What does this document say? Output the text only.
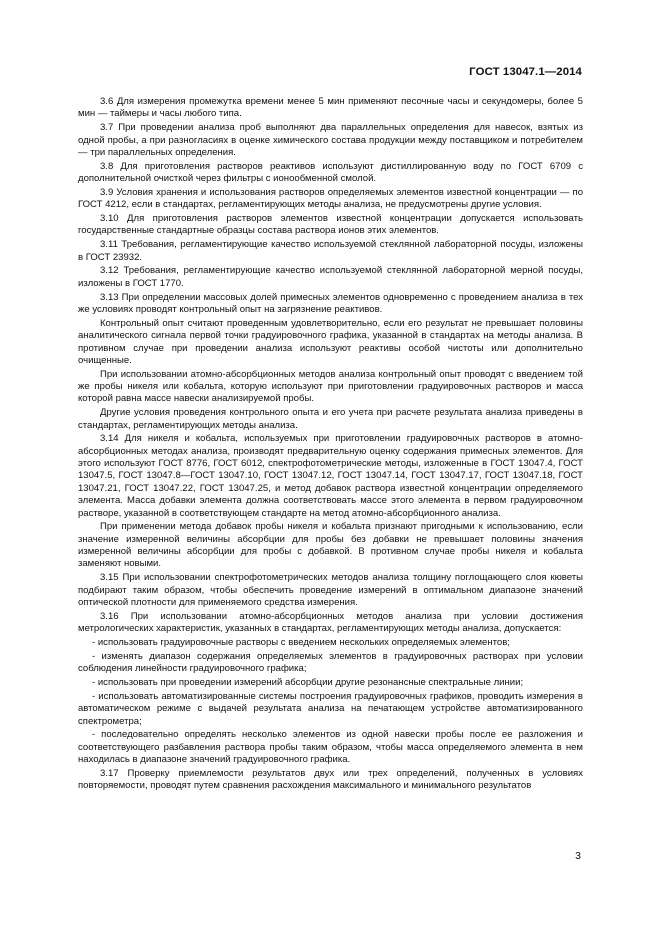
ГОСТ 13047.1—2014

3.6 Для измерения промежутка времени менее 5 мин применяют песочные часы и секундомеры, более 5 мин — таймеры и часы любого типа.

3.7 При проведении анализа проб выполняют два параллельных определения для навесок, взятых из одной пробы, а при разногласиях в оценке химического состава продукции между поставщиком и потребителем — три параллельных определения.

3.8 Для приготовления растворов реактивов используют дистиллированную воду по ГОСТ 6709 с дополнительной очисткой через фильтры с ионообменной смолой.

3.9 Условия хранения и использования растворов определяемых элементов известной концентрации — по ГОСТ 4212, если в стандартах, регламентирующих методы анализа, не предусмотрены другие условия.

3.10 Для приготовления растворов элементов известной концентрации допускается использовать государственные стандартные образцы состава раствора ионов этих элементов.

3.11 Требования, регламентирующие качество используемой стеклянной лабораторной посуды, изложены в ГОСТ 23932.

3.12 Требования, регламентирующие качество используемой стеклянной лабораторной мерной посуды, изложены в ГОСТ 1770.

3.13 При определении массовых долей примесных элементов одновременно с проведением анализа в тех же условиях проводят контрольный опыт на загрязнение реактивов.

Контрольный опыт считают проведенным удовлетворительно, если его результат не превышает половины аналитического сигнала первой точки градуировочного графика, указанной в стандартах на методы анализа. В противном случае при проведении анализа используют реактивы особой чистоты или дополнительно очищенные.

При использовании атомно-абсорбционных методов анализа контрольный опыт проводят с введением той же пробы никеля или кобальта, которую используют при приготовлении градуировочных растворов и масса которой равна массе навески анализируемой пробы.

Другие условия проведения контрольного опыта и его учета при расчете результата анализа приведены в стандартах, регламентирующих методы анализа.

3.14 Для никеля и кобальта, используемых при приготовлении градуировочных растворов в атомно-абсорбционных методах анализа, производят предварительную оценку содержания примесных элементов. Для этого используют ГОСТ 8776, ГОСТ 6012, спектрофотометрические методы, изложенные в ГОСТ 13047.4, ГОСТ 13047.5, ГОСТ 13047.8—ГОСТ 13047.10, ГОСТ 13047.12, ГОСТ 13047.14, ГОСТ 13047.17, ГОСТ 13047.18, ГОСТ 13047.21, ГОСТ 13047.22, ГОСТ 13047.25, и метод добавок раствора известной концентрации определяемого элемента. Масса добавки элемента должна соответствовать массе этого элемента в первом градуировочном растворе, указанной в соответствующем стандарте на метод атомно-абсорбционного анализа.

При применении метода добавок пробы никеля и кобальта признают пригодными к использованию, если значение измеренной величины абсорбции для пробы без добавки не превышает половины значения измеренной величины абсорбции для пробы с добавкой. В противном случае пробы никеля и кобальта заменяют новыми.

3.15 При использовании спектрофотометрических методов анализа толщину поглощающего слоя кюветы подбирают таким образом, чтобы обеспечить проведение измерений в оптимальном диапазоне значений оптической плотности для применяемого средства измерения.

3.16 При использовании атомно-абсорбционных методов анализа при условии достижения метрологических характеристик, указанных в стандартах, регламентирующих методы анализа, допускается:

- использовать градуировочные растворы с введением нескольких определяемых элементов;

- изменять диапазон содержания определяемых элементов в градуировочных растворах при условии соблюдения линейности градуировочного графика;

- использовать при проведении измерений абсорбции другие резонансные спектральные линии;

- использовать автоматизированные системы построения градуировочных графиков, проводить измерения в автоматическом режиме с выдачей результата анализа на печатающем устройстве автоматизированного спектрометра;

- последовательно определять несколько элементов из одной навески пробы после ее разложения и соответствующего разбавления раствора пробы таким образом, чтобы масса определяемого элемента в нем находилась в диапазоне значений градуировочного графика.

3.17 Проверку приемлемости результатов двух или трех определений, полученных в условиях повторяемости, проводят путем сравнения расхождения максимального и минимального результатов

3
